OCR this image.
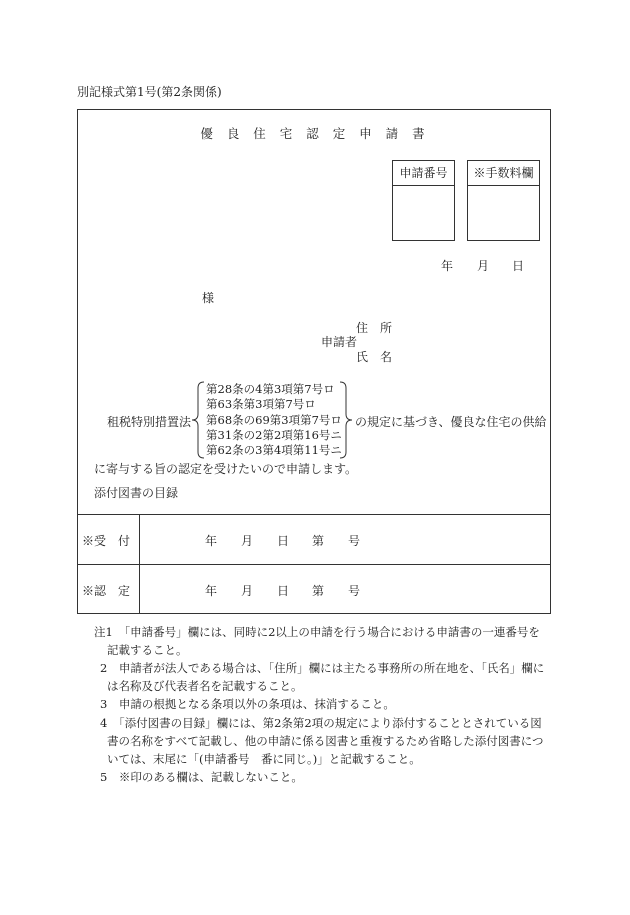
別記様式第1号(第2条関係)
優 良 住 宅 認 定 申 請 書
申請番号	※手数料欄
年 月 日
様
住　所
申請者
氏　名
租税特別措置法
第28条の4第3項第7号ロ
第63条第3項第7号ロ
第68条の69第3項第7号ロ
第31条の2第2項第16号ニ
第62条の3第4項第11号ニ
の規定に基づき、優良な住宅の供給
に寄与する旨の認定を受けたいので申請します。
添付図書の目録
※受　付	年 月 日 第 号
※認　定	年 月 日 第 号
注1　「申請番号」欄には、同時に2以上の申請を行う場合における申請書の一連番号を
記載すること。
2　申請者が法人である場合は、「住所」欄には主たる事務所の所在地を、「氏名」欄に
は名称及び代表者名を記載すること。
3　申請の根拠となる条項以外の条項は、抹消すること。
4　「添付図書の目録」欄には、第2条第2項の規定により添付することとされている図
書の名称をすべて記載し、他の申請に係る図書と重複するため省略した添付図書につ
いては、末尾に「(申請番号　番に同じ。)」と記載すること。
5　※印のある欄は、記載しないこと。
